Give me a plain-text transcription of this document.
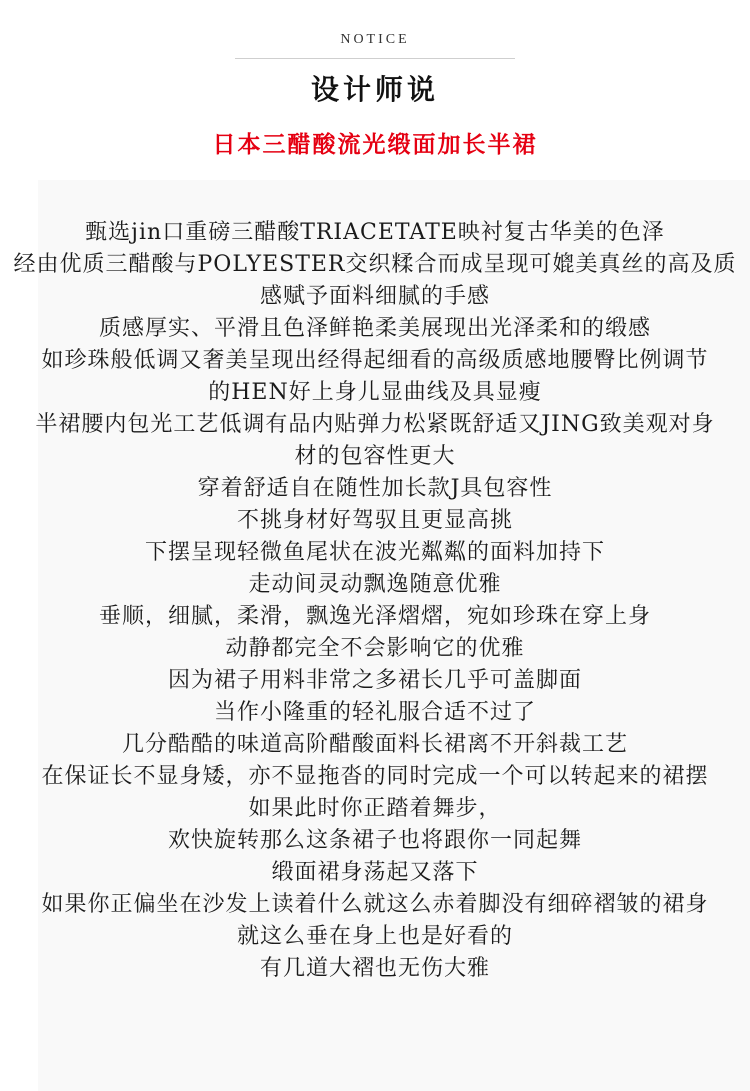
NOTICE
设计师说
日本三醋酸流光缎面加长半裙
甄选jin口重磅三醋酸TRIACETATE映衬复古华美的色泽
经由优质三醋酸与POLYESTER交织糅合而成呈现可媲美真丝的高及质
感赋予面料细腻的手感
质感厚实、平滑且色泽鲜艳柔美展现出光泽柔和的缎感
如珍珠般低调又奢美呈现出经得起细看的高级质感地腰臀比例调节
的HEN好上身儿显曲线及具显瘦
半裙腰内包光工艺低调有品内贴弹力松紧既舒适又JING致美观对身
材的包容性更大
穿着舒适自在随性加长款J具包容性
不挑身材好驾驭且更显高挑
下摆呈现轻微鱼尾状在波光粼粼的面料加持下
走动间灵动飘逸随意优雅
垂顺，细腻，柔滑，飘逸光泽熠熠，宛如珍珠在穿上身
动静都完全不会影响它的优雅
因为裙子用料非常之多裙长几乎可盖脚面
当作小隆重的轻礼服合适不过了
几分酷酷的味道高阶醋酸面料长裙离不开斜裁工艺
在保证长不显身矮，亦不显拖沓的同时完成一个可以转起来的裙摆
如果此时你正踏着舞步，
欢快旋转那么这条裙子也将跟你一同起舞
缎面裙身荡起又落下
如果你正偏坐在沙发上读着什么就这么赤着脚没有细碎褶皱的裙身
就这么垂在身上也是好看的
有几道大褶也无伤大雅
